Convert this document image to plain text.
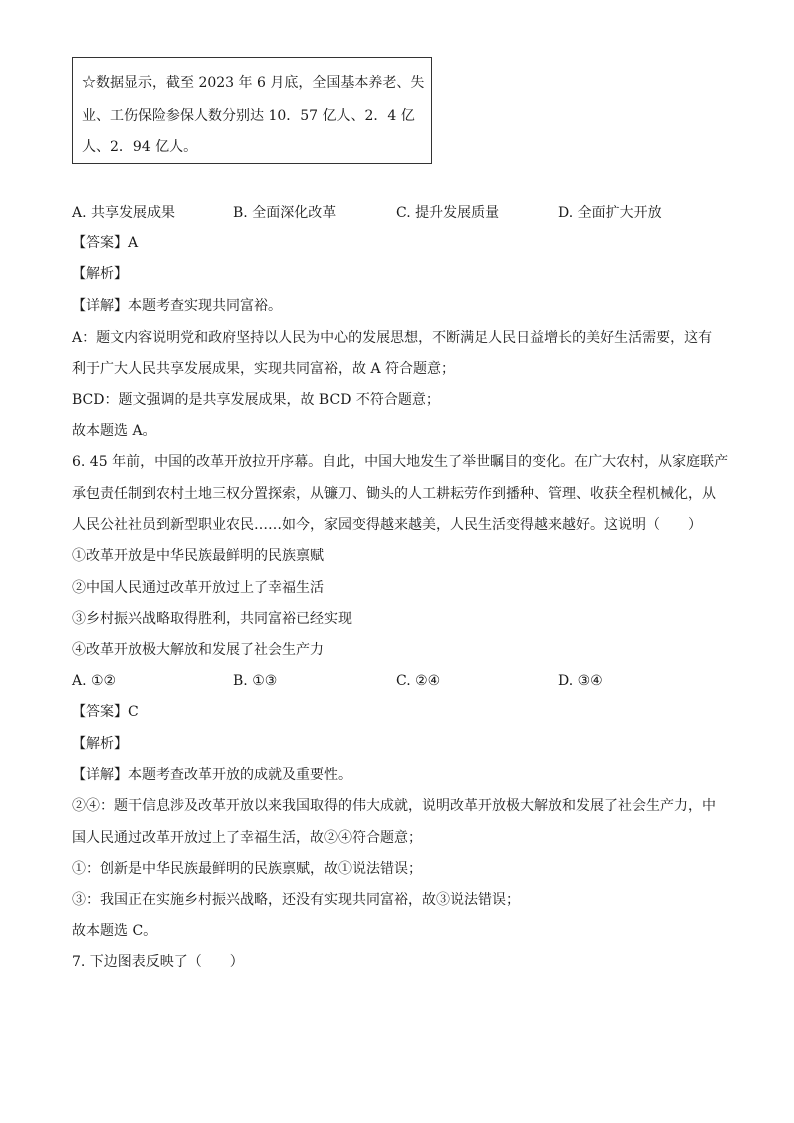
☆数据显示，截至 2023 年 6 月底，全国基本养老、失
业、工伤保险参保人数分别达 10．57 亿人、2．4 亿
人、2．94 亿人。
A. 共享发展成果	B. 全面深化改革	C. 提升发展质量	D. 全面扩大开放
【答案】A
【解析】
【详解】本题考查实现共同富裕。
A：题文内容说明党和政府坚持以人民为中心的发展思想，不断满足人民日益增长的美好生活需要，这有
利于广大人民共享发展成果，实现共同富裕，故 A 符合题意；
BCD：题文强调的是共享发展成果，故 BCD 不符合题意；
故本题选 A。
6. 45 年前，中国的改革开放拉开序幕。自此，中国大地发生了举世瞩目的变化。在广大农村，从家庭联产
承包责任制到农村土地三权分置探索，从镰刀、锄头的人工耕耘劳作到播种、管理、收获全程机械化，从
人民公社社员到新型职业农民……如今，家园变得越来越美，人民生活变得越来越好。这说明（　　）
①改革开放是中华民族最鲜明的民族禀赋
②中国人民通过改革开放过上了幸福生活
③乡村振兴战略取得胜利，共同富裕已经实现
④改革开放极大解放和发展了社会生产力
A. ①②	B. ①③	C. ②④	D. ③④
【答案】C
【解析】
【详解】本题考查改革开放的成就及重要性。
②④：题干信息涉及改革开放以来我国取得的伟大成就，说明改革开放极大解放和发展了社会生产力，中
国人民通过改革开放过上了幸福生活，故②④符合题意；
①：创新是中华民族最鲜明的民族禀赋，故①说法错误；
③：我国正在实施乡村振兴战略，还没有实现共同富裕，故③说法错误；
故本题选 C。
7. 下边图表反映了（　　）
